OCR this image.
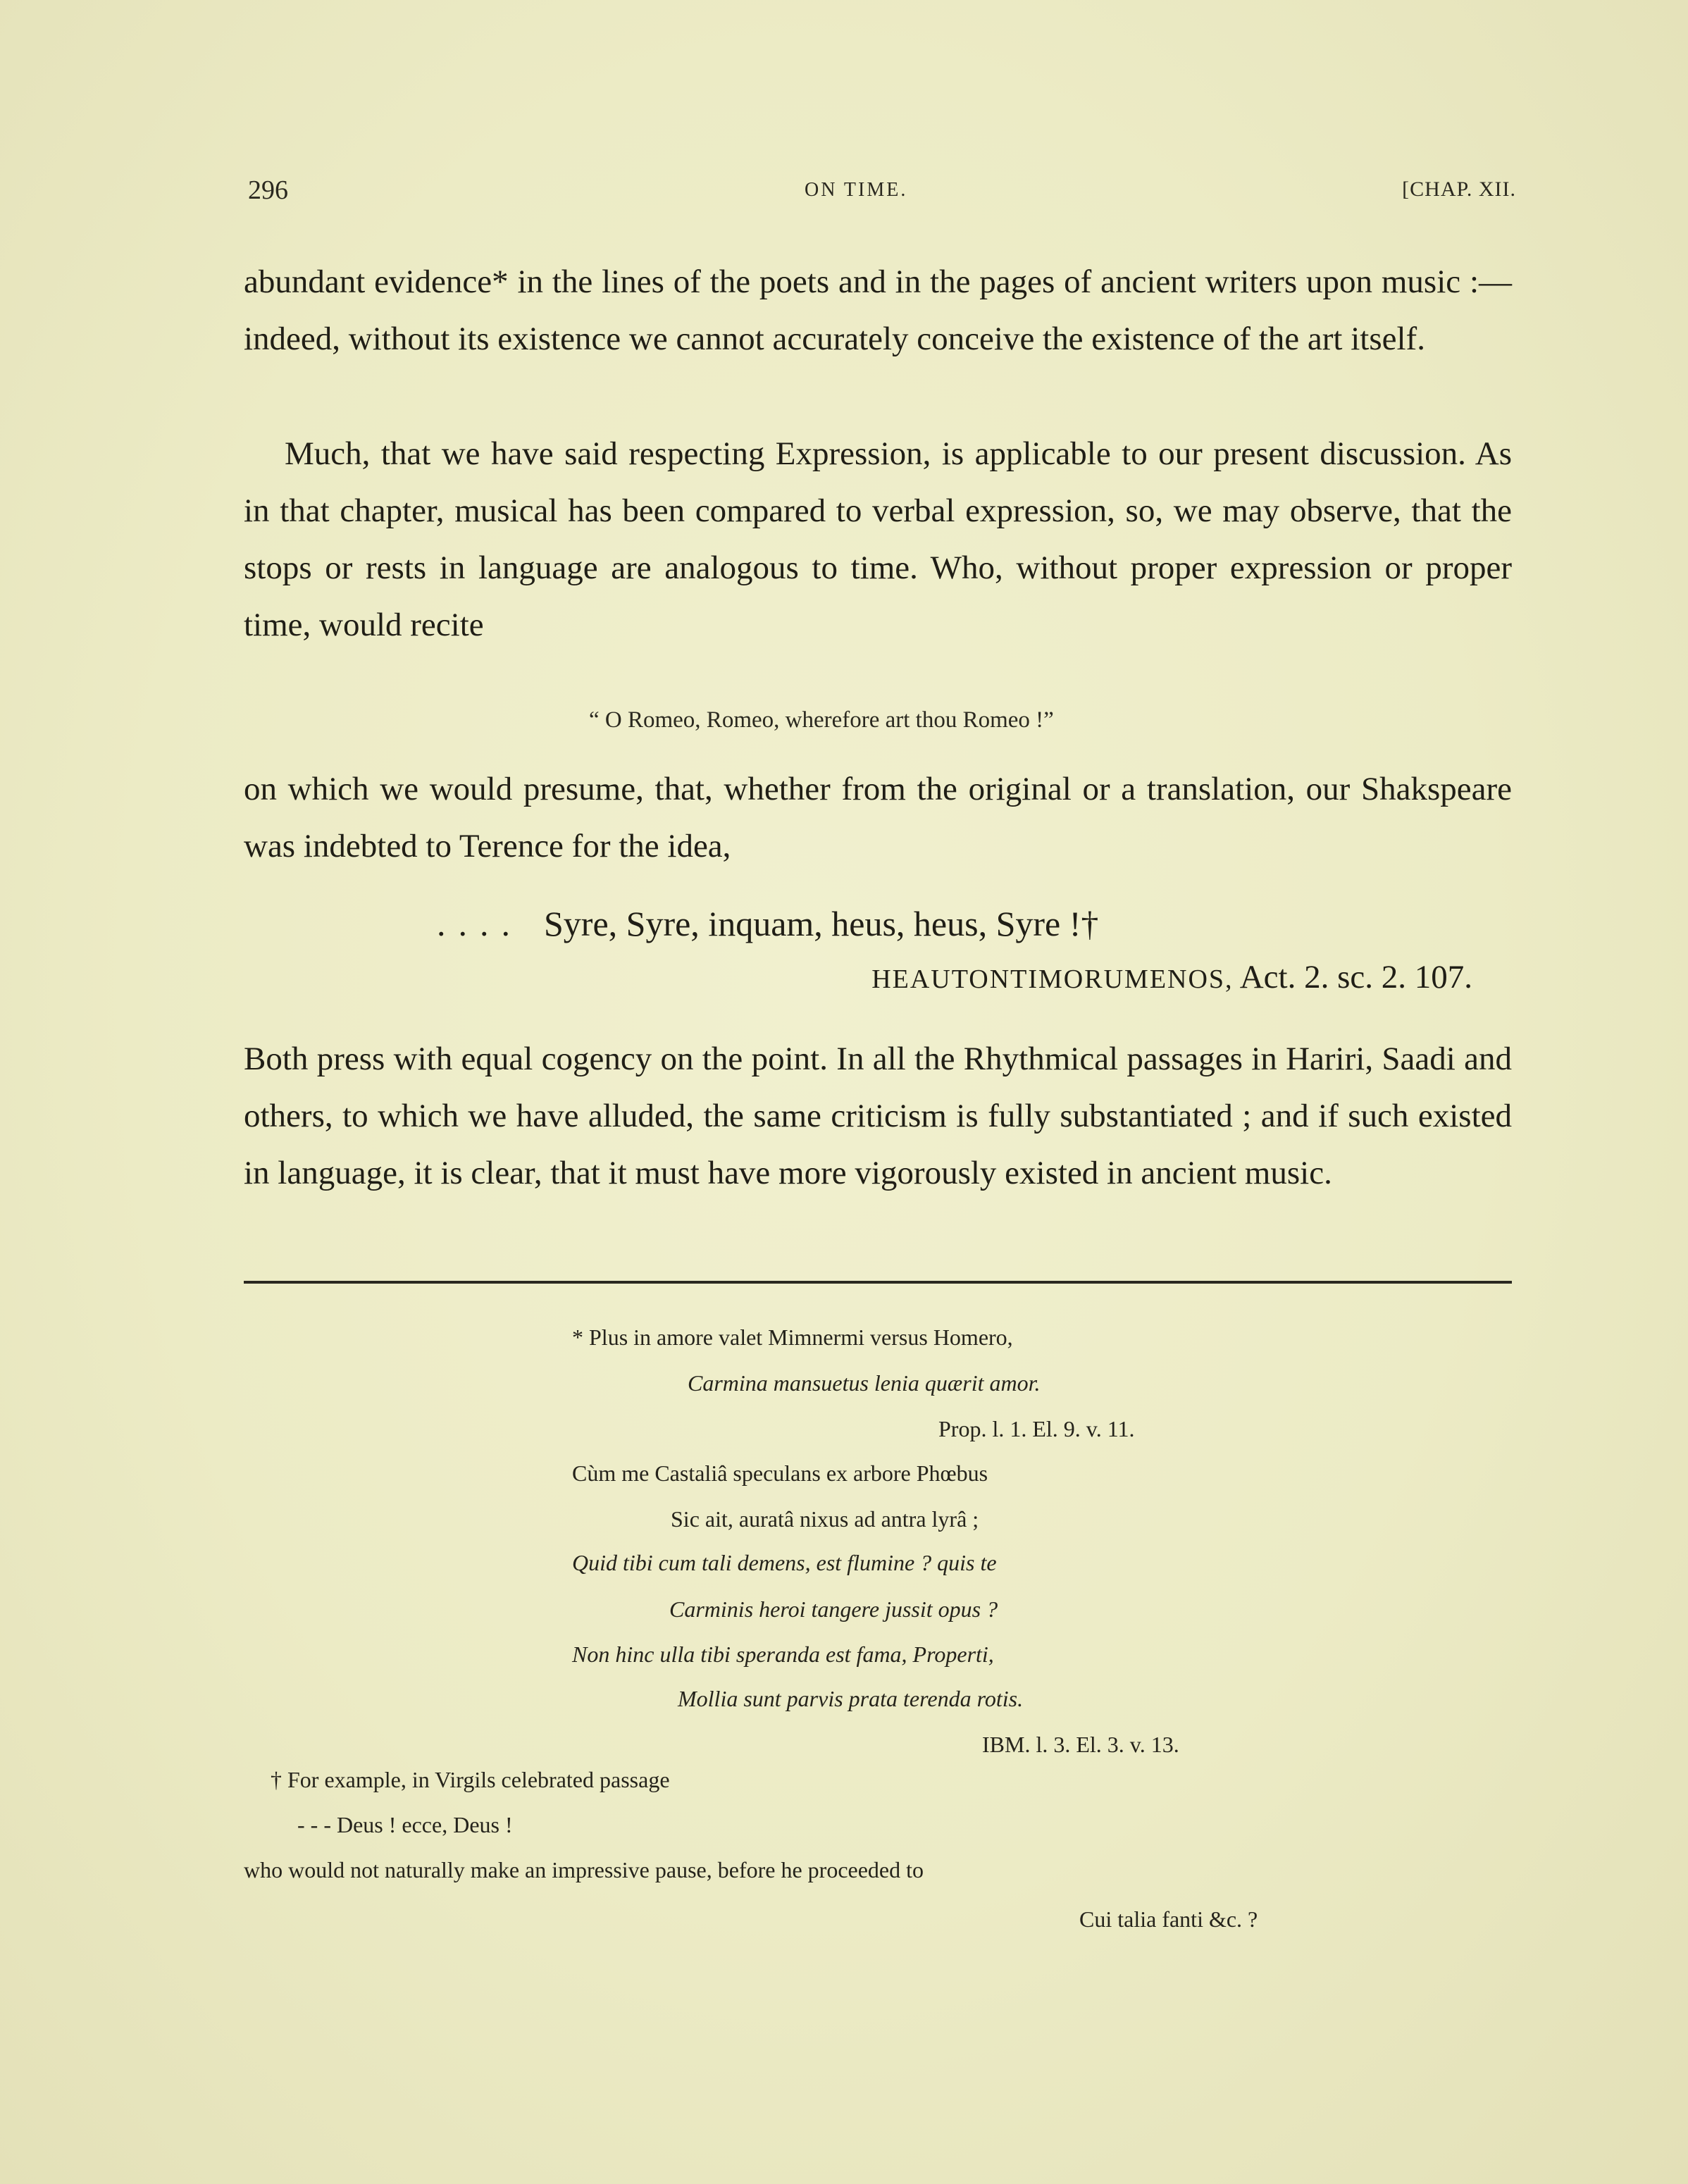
296	ON TIME.	[CHAP. XII.
abundant evidence* in the lines of the poets and in the pages of ancient writers upon music :—indeed, without its existence we cannot accurately conceive the existence of the art itself.
Much, that we have said respecting Expression, is applicable to our present discussion. As in that chapter, musical has been compared to verbal expression, so, we may observe, that the stops or rests in language are analogous to time. Who, without proper expression or proper time, would recite
“ O Romeo, Romeo, wherefore art thou Romeo !”
on which we would presume, that, whether from the original or a translation, our Shakspeare was indebted to Terence for the idea,
.... Syre, Syre, inquam, heus, heus, Syre !†
HEAUTONTIMORUMENOS, Act. 2. sc. 2. 107.
Both press with equal cogency on the point. In all the Rhythmical passages in Hariri, Saadi and others, to which we have alluded, the same criticism is fully substantiated ; and if such existed in language, it is clear, that it must have more vigorously existed in ancient music.
* Plus in amore valet Mimnermi versus Homero,
Carmina mansuetus lenia quærit amor.
Prop. l. 1. El. 9. v. 11.
Cùm me Castaliâ speculans ex arbore Phœbus
Sic ait, auratâ nixus ad antra lyrâ ;
Quid tibi cum tali demens, est flumine ? quis te
Carminis heroi tangere jussit opus ?
Non hinc ulla tibi speranda est fama, Properti,
Mollia sunt parvis prata terenda rotis.
IBM. l. 3. El. 3. v. 13.
† For example, in Virgils celebrated passage
- - - Deus ! ecce, Deus !
who would not naturally make an impressive pause, before he proceeded to
Cui talia fanti &c. ?
